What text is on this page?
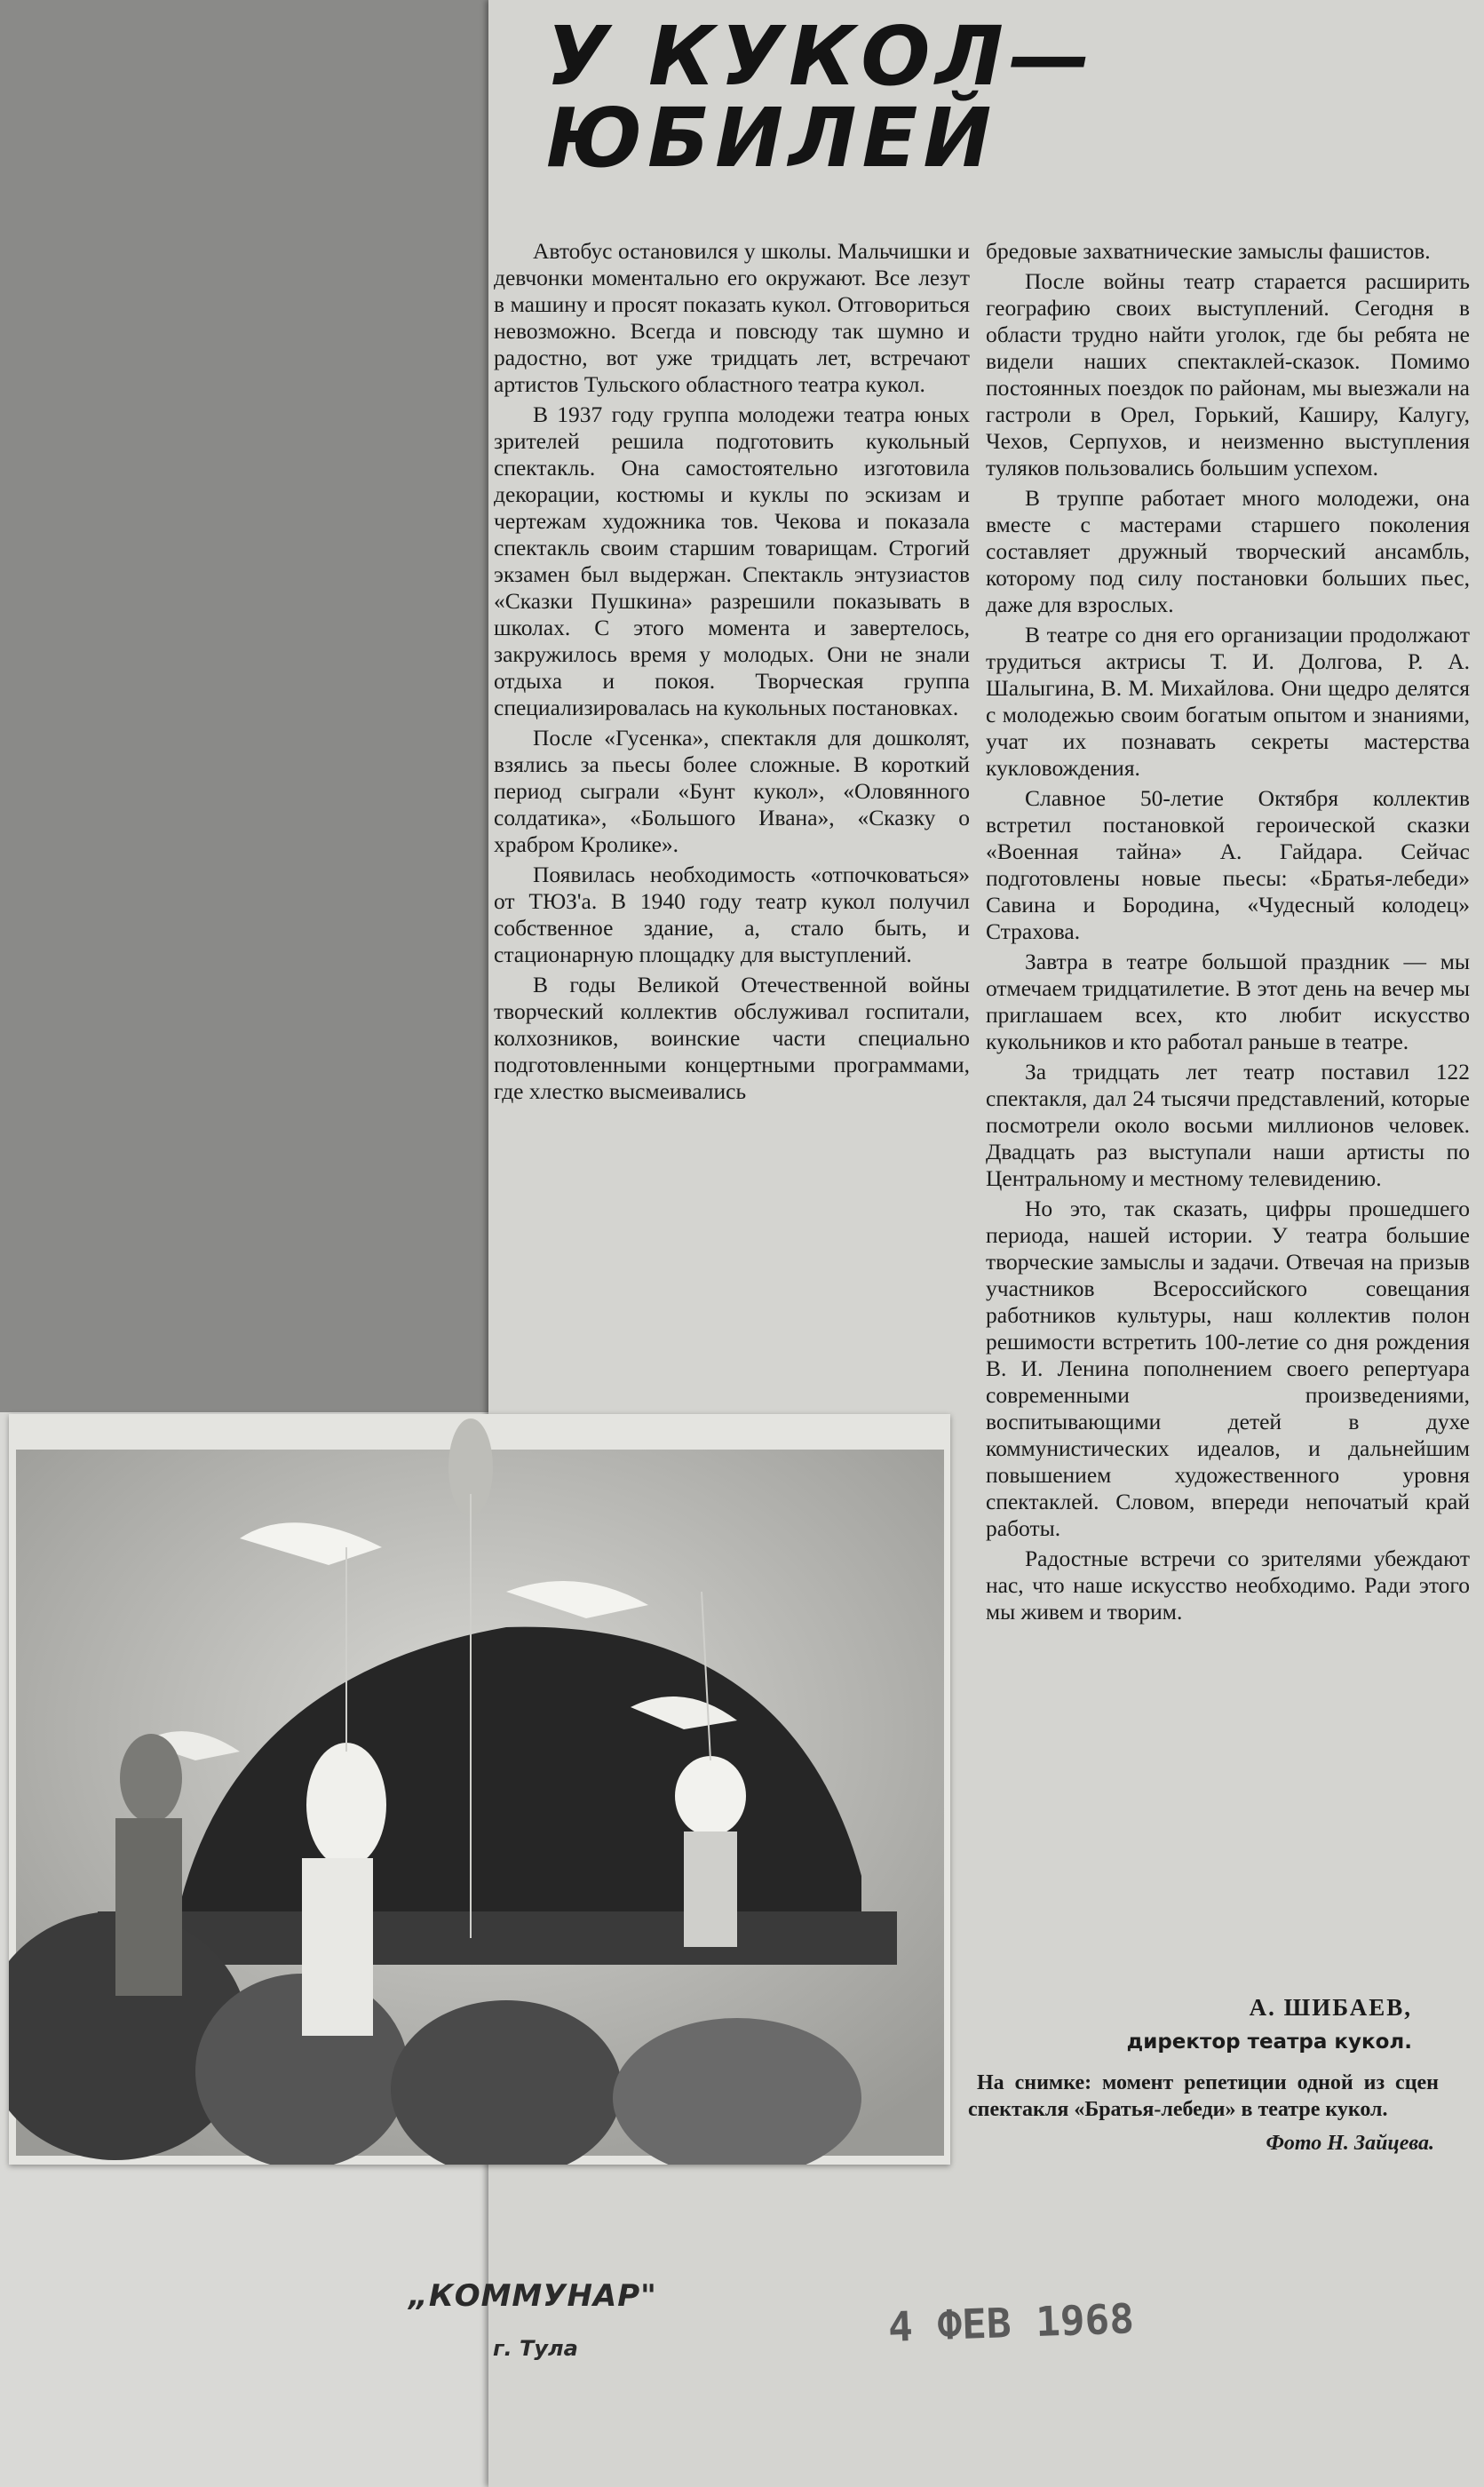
У КУКОЛ—
ЮБИЛЕЙ

Автобус остановился у школы. Мальчишки и девчонки моментально его окружают. Все лезут в машину и просят показать кукол. Отговориться невозможно. Всегда и повсюду так шумно и радостно, вот уже тридцать лет, встречают артистов Тульского областного театра кукол.

В 1937 году группа молодежи театра юных зрителей решила подготовить кукольный спектакль. Она самостоятельно изготовила декорации, костюмы и куклы по эскизам и чертежам художника тов. Чекова и показала спектакль своим старшим товарищам. Строгий экзамен был выдержан. Спектакль энтузиастов «Сказки Пушкина» разрешили показывать в школах. С этого момента и завертелось, закружилось время у молодых. Они не знали отдыха и покоя. Творческая группа специализировалась на кукольных постановках.

После «Гусенка», спектакля для дошколят, взялись за пьесы более сложные. В короткий период сыграли «Бунт кукол», «Оловянного солдатика», «Большого Ивана», «Сказку о храбром Кролике».

Появилась необходимость «отпочковаться» от ТЮЗ'а. В 1940 году театр кукол получил собственное здание, а, стало быть, и стационарную площадку для выступлений.

В годы Великой Отечественной войны творческий коллектив обслуживал госпитали, колхозников, воинские части специально подготовленными концертными программами, где хлестко высмеивались

бредовые захватнические замыслы фашистов.

После войны театр старается расширить географию своих выступлений. Сегодня в области трудно найти уголок, где бы ребята не видели наших спектаклей-сказок. Помимо постоянных поездок по районам, мы выезжали на гастроли в Орел, Горький, Каширу, Калугу, Чехов, Серпухов, и неизменно выступления туляков пользовались большим успехом.

В труппе работает много молодежи, она вместе с мастерами старшего поколения составляет дружный творческий ансамбль, которому под силу постановки больших пьес, даже для взрослых.

В театре со дня его организации продолжают трудиться актрисы Т. И. Долгова, Р. А. Шалыгина, В. М. Михайлова. Они щедро делятся с молодежью своим богатым опытом и знаниями, учат их познавать секреты мастерства кукловождения.

Славное 50-летие Октября коллектив встретил постановкой героической сказки «Военная тайна» А. Гайдара. Сейчас подготовлены новые пьесы: «Братья-лебеди» Савина и Бородина, «Чудесный колодец» Страхова.

Завтра в театре большой праздник — мы отмечаем тридцатилетие. В этот день на вечер мы приглашаем всех, кто любит искусство кукольников и кто работал раньше в театре.

За тридцать лет театр поставил 122 спектакля, дал 24 тысячи представлений, которые посмотрели около восьми миллионов человек. Двадцать раз выступали наши артисты по Центральному и местному телевидению.

Но это, так сказать, цифры прошедшего периода, нашей истории. У театра большие творческие замыслы и задачи. Отвечая на призыв участников Всероссийского совещания работников культуры, наш коллектив полон решимости встретить 100-летие со дня рождения В. И. Ленина пополнением своего репертуара современными произведениями, воспитывающими детей в духе коммунистических идеалов, и дальнейшим повышением художественного уровня спектаклей. Словом, впереди непочатый край работы.

Радостные встречи со зрителями убеждают нас, что наше искусство необходимо. Ради этого мы живем и творим.

А. ШИБАЕВ,
директор театра кукол.
На снимке: момент репетиции одной из сцен спектакля «Братья-лебеди» в театре кукол.
Фото Н. Зайцева.
„КОММУНАР"
г. Тула	4 ФЕВ 1968
